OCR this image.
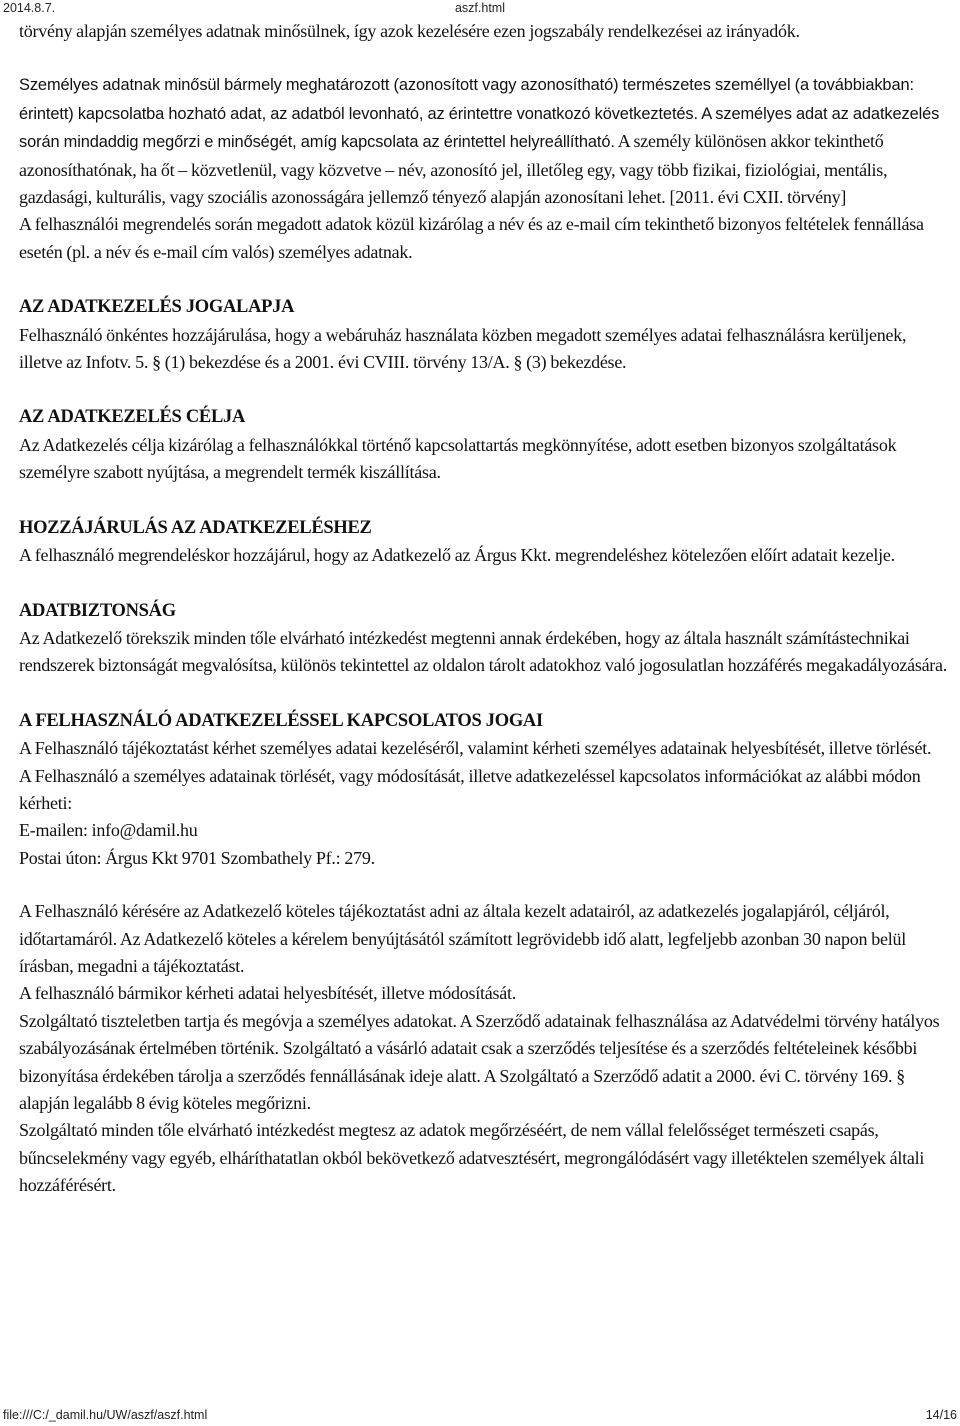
2014.8.7.	aszf.html

törvény alapján személyes adatnak minősülnek, így azok kezelésére ezen jogszabály rendelkezései az irányadók.

Személyes adatnak minősül bármely meghatározott (azonosított vagy azonosítható) természetes személlyel (a továbbiakban: érintett) kapcsolatba hozható adat, az adatból levonható, az érintettre vonatkozó következtetés. A személyes adat az adatkezelés során mindaddig megőrzi e minőségét, amíg kapcsolata az érintettel helyreállítható. A személy különösen akkor tekinthető azonosíthatónak, ha őt – közvetlenül, vagy közvetve – név, azonosító jel, illetőleg egy, vagy több fizikai, fiziológiai, mentális, gazdasági, kulturális, vagy szociális azonosságára jellemző tényező alapján azonosítani lehet. [2011. évi CXII. törvény]

A felhasználói megrendelés során megadott adatok közül kizárólag a név és az e-mail cím tekinthető bizonyos feltételek fennállása esetén (pl. a név és e-mail cím valós) személyes adatnak.

AZ ADATKEZELÉS JOGALAPJA

Felhasználó önkéntes hozzájárulása, hogy a webáruház használata közben megadott személyes adatai felhasználásra kerüljenek, illetve az Infotv. 5. § (1) bekezdése és a 2001. évi CVIII. törvény 13/A. § (3) bekezdése.

AZ ADATKEZELÉS CÉLJA

Az Adatkezelés célja kizárólag a felhasználókkal történő kapcsolattartás megkönnyítése, adott esetben bizonyos szolgáltatások személyre szabott nyújtása, a megrendelt termék kiszállítása.

HOZZÁJÁRULÁS AZ ADATKEZELÉSHEZ

A felhasználó megrendeléskor hozzájárul, hogy az Adatkezelő az Árgus Kkt. megrendeléshez kötelezően előírt adatait kezelje.

ADATBIZTONSÁG

Az Adatkezelő törekszik minden tőle elvárható intézkedést megtenni annak érdekében, hogy az általa használt számítástechnikai rendszerek biztonságát megvalósítsa, különös tekintettel az oldalon tárolt adatokhoz való jogosulatlan hozzáférés megakadályozására.

A FELHASZNÁLÓ ADATKEZELÉSSEL KAPCSOLATOS JOGAI

A Felhasználó tájékoztatást kérhet személyes adatai kezeléséről, valamint kérheti személyes adatainak helyesbítését, illetve törlését.

A Felhasználó a személyes adatainak törlését, vagy módosítását, illetve adatkezeléssel kapcsolatos információkat az alábbi módon kérheti:

E-mailen: info@damil.hu

Postai úton: Árgus Kkt 9701 Szombathely Pf.: 279.

A Felhasználó kérésére az Adatkezelő köteles tájékoztatást adni az általa kezelt adatairól, az adatkezelés jogalapjáról, céljáról, időtartamáról. Az Adatkezelő köteles a kérelem benyújtásától számított legrövidebb idő alatt, legfeljebb azonban 30 napon belül írásban, megadni a tájékoztatást.

A felhasználó bármikor kérheti adatai helyesbítését, illetve módosítását.

Szolgáltató tiszteletben tartja és megóvja a személyes adatokat. A Szerződő adatainak felhasználása az Adatvédelmi törvény hatályos szabályozásának értelmében történik. Szolgáltató a vásárló adatait csak a szerződés teljesítése és a szerződés feltételeinek későbbi bizonyítása érdekében tárolja a szerződés fennállásának ideje alatt. A Szolgáltató a Szerződő adatit a 2000. évi C. törvény 169. § alapján legalább 8 évig köteles megőrizni.

Szolgáltató minden tőle elvárható intézkedést megtesz az adatok megőrzéséért, de nem vállal felelősséget természeti csapás, bűncselekmény vagy egyéb, elháríthatatlan okból bekövetkező adatvesztésért, megrongálódásért vagy illetéktelen személyek általi hozzáférésért.

file:///C:/_damil.hu/UW/aszf/aszf.html	14/16
